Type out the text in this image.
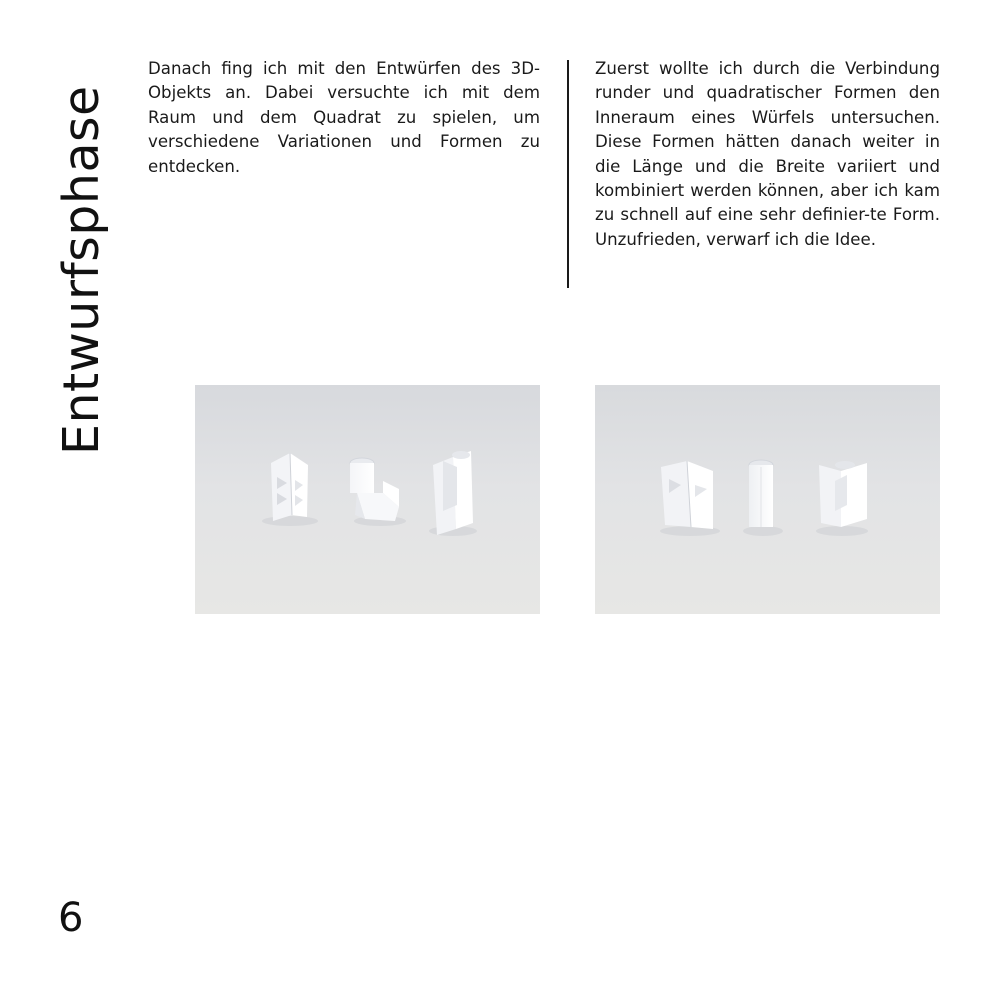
Entwurfsphase

Danach fing ich mit den Entwürfen des 3D-Objekts an. Dabei versuchte ich mit dem Raum und dem Quadrat zu spielen, um verschiedene Variationen und Formen zu entdecken.

Zuerst wollte ich durch die Verbindung runder und quadratischer Formen den Inneraum eines Würfels untersuchen. Diese Formen hätten danach weiter in die Länge und die Breite variiert und kombiniert werden können, aber ich kam zu schnell auf eine sehr definier-te Form. Unzufrieden, verwarf ich die Idee.

6
